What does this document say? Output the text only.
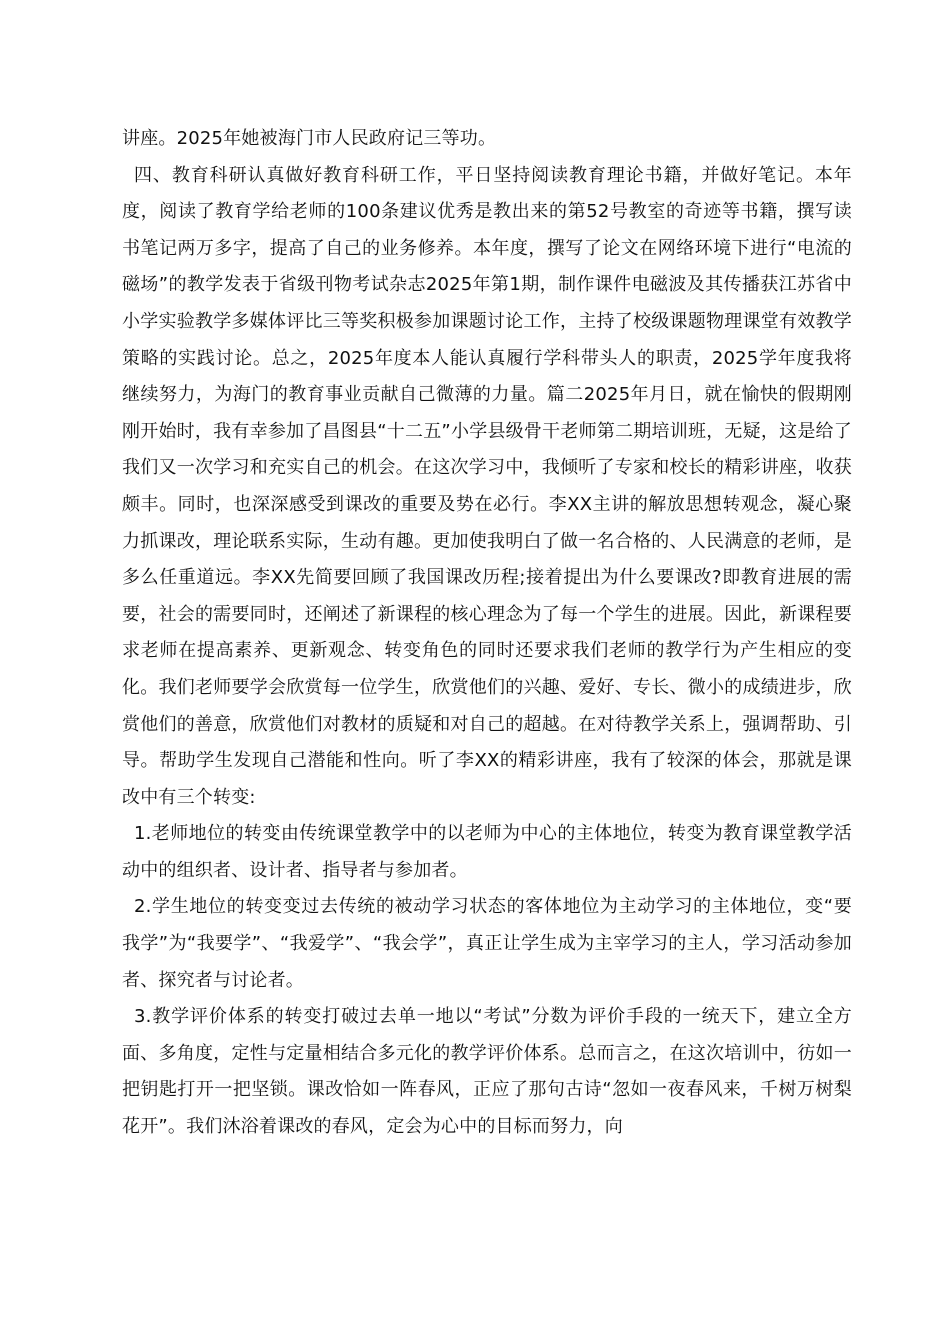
讲座。2025年她被海门市人民政府记三等功。

四、教育科研认真做好教育科研工作，平日坚持阅读教育理论书籍，并做好笔记。本年度，阅读了教育学给老师的100条建议优秀是教出来的第52号教室的奇迹等书籍，撰写读书笔记两万多字，提高了自己的业务修养。本年度，撰写了论文在网络环境下进行“电流的磁场”的教学发表于省级刊物考试杂志2025年第1期，制作课件电磁波及其传播获江苏省中小学实验教学多媒体评比三等奖积极参加课题讨论工作，主持了校级课题物理课堂有效教学策略的实践讨论。总之，2025年度本人能认真履行学科带头人的职责，2025学年度我将继续努力，为海门的教育事业贡献自己微薄的力量。篇二2025年月日，就在愉快的假期刚刚开始时，我有幸参加了昌图县“十二五”小学县级骨干老师第二期培训班，无疑，这是给了我们又一次学习和充实自己的机会。在这次学习中，我倾听了专家和校长的精彩讲座，收获颇丰。同时，也深深感受到课改的重要及势在必行。李XX主讲的解放思想转观念，凝心聚力抓课改，理论联系实际，生动有趣。更加使我明白了做一名合格的、人民满意的老师，是多么任重道远。李XX先简要回顾了我国课改历程;接着提出为什么要课改?即教育进展的需要，社会的需要同时，还阐述了新课程的核心理念为了每一个学生的进展。因此，新课程要求老师在提高素养、更新观念、转变角色的同时还要求我们老师的教学行为产生相应的变化。我们老师要学会欣赏每一位学生，欣赏他们的兴趣、爱好、专长、微小的成绩进步，欣赏他们的善意，欣赏他们对教材的质疑和对自己的超越。在对待教学关系上，强调帮助、引导。帮助学生发现自己潜能和性向。听了李XX的精彩讲座，我有了较深的体会，那就是课改中有三个转变:

1.老师地位的转变由传统课堂教学中的以老师为中心的主体地位，转变为教育课堂教学活动中的组织者、设计者、指导者与参加者。

2.学生地位的转变变过去传统的被动学习状态的客体地位为主动学习的主体地位，变“要我学”为“我要学”、“我爱学”、“我会学”，真正让学生成为主宰学习的主人，学习活动参加者、探究者与讨论者。

3.教学评价体系的转变打破过去单一地以“考试”分数为评价手段的一统天下，建立全方面、多角度，定性与定量相结合多元化的教学评价体系。总而言之，在这次培训中，彷如一把钥匙打开一把坚锁。课改恰如一阵春风，正应了那句古诗“忽如一夜春风来，千树万树梨花开”。我们沐浴着课改的春风，定会为心中的目标而努力，向
